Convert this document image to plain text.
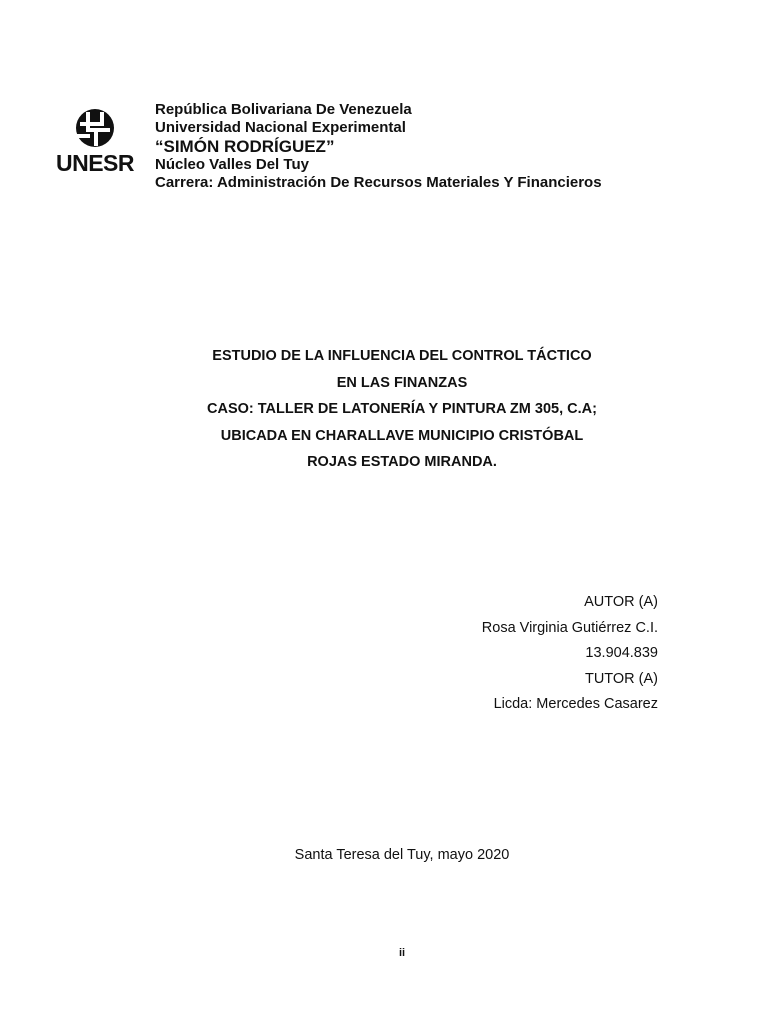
UNESR
República Bolivariana De Venezuela
Universidad Nacional Experimental
“SIMÓN RODRÍGUEZ”
Núcleo Valles Del Tuy
Carrera: Administración De Recursos Materiales Y Financieros
ESTUDIO DE LA INFLUENCIA DEL CONTROL TÁCTICO
EN LAS FINANZAS
CASO: TALLER DE LATONERÍA Y PINTURA ZM 305, C.A;
UBICADA EN CHARALLAVE MUNICIPIO CRISTÓBAL
ROJAS ESTADO MIRANDA.
AUTOR (A)
Rosa Virginia Gutiérrez C.I.
13.904.839
TUTOR (A)
Licda: Mercedes Casarez
Santa Teresa del Tuy, mayo 2020
ii
